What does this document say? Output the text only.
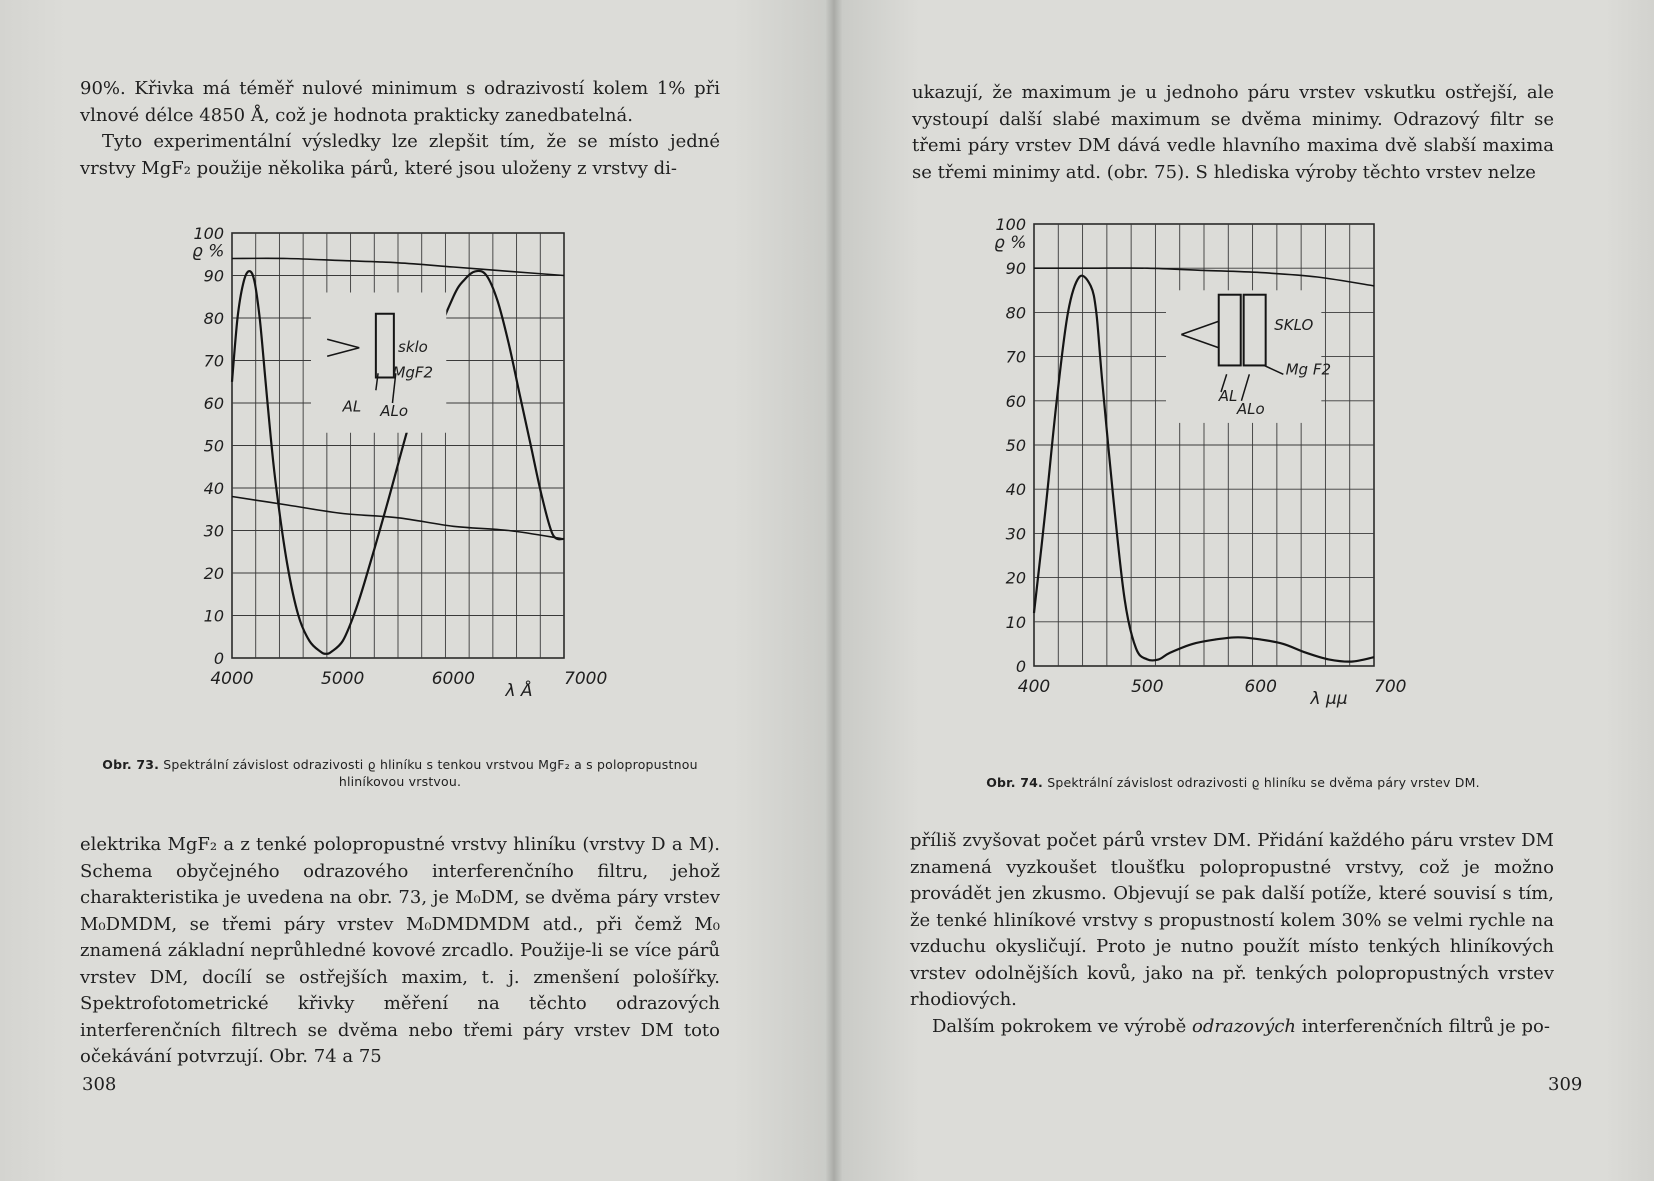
90%. Křivka má téměř nulové minimum s odrazivostí kolem 1% při vlnové délce 4850 Å, což je hodnota prakticky zanedbatelná.

Tyto experimentální výsledky lze zlepšit tím, že se místo jedné vrstvy MgF₂ použije několika párů, které jsou uloženy z vrstvy di-

0
10
20
30
40
50
60
70
80
90
100
4000	5000	6000	7000
ϱ %
λ Å
sklo
MgF2
AL ALo
Obr. 73. Spektrální závislost odrazivosti ϱ hliníku s tenkou vrstvou MgF₂ a s polopropustnou hliníkovou vrstvou.

elektrika MgF₂ a z tenké polopropustné vrstvy hliníku (vrstvy D a M). Schema obyčejného odrazového interferenčního filtru, jehož charakteristika je uvedena na obr. 73, je M₀DM, se dvěma páry vrstev M₀DMDM, se třemi páry vrstev M₀DMDMDM atd., při čemž M₀ znamená základní neprůhledné kovové zrcadlo. Použije-li se více párů vrstev DM, docílí se ostřejších maxim, t. j. zmenšení pološířky. Spektrofotometrické křivky měření na těchto odrazových interferenčních filtrech se dvěma nebo třemi páry vrstev DM toto očekávání potvrzují. Obr. 74 a 75

308

ukazují, že maximum je u jednoho páru vrstev vskutku ostřejší, ale vystoupí další slabé maximum se dvěma minimy. Odrazový filtr se třemi páry vrstev DM dává vedle hlavního maxima dvě slabší maxima se třemi minimy atd. (obr. 75). S hlediska výroby těchto vrstev nelze

0
10
20
30
40
50
60
70
80
90
100
400	500	600	700
ϱ %
λ μμ
SKLO
Mg F2
AL
ALo
Obr. 74. Spektrální závislost odrazivosti ϱ hliníku se dvěma páry vrstev DM.

příliš zvyšovat počet párů vrstev DM. Přidání každého páru vrstev DM znamená vyzkoušet tloušťku polopropustné vrstvy, což je možno provádět jen zkusmo. Objevují se pak další potíže, které souvisí s tím, že tenké hliníkové vrstvy s propustností kolem 30% se velmi rychle na vzduchu okysličují. Proto je nutno použít místo tenkých hliníkových vrstev odolnějších kovů, jako na př. tenkých polopropustných vrstev rhodiových.

Dalším pokrokem ve výrobě odrazových interferenčních filtrů je po-

309
